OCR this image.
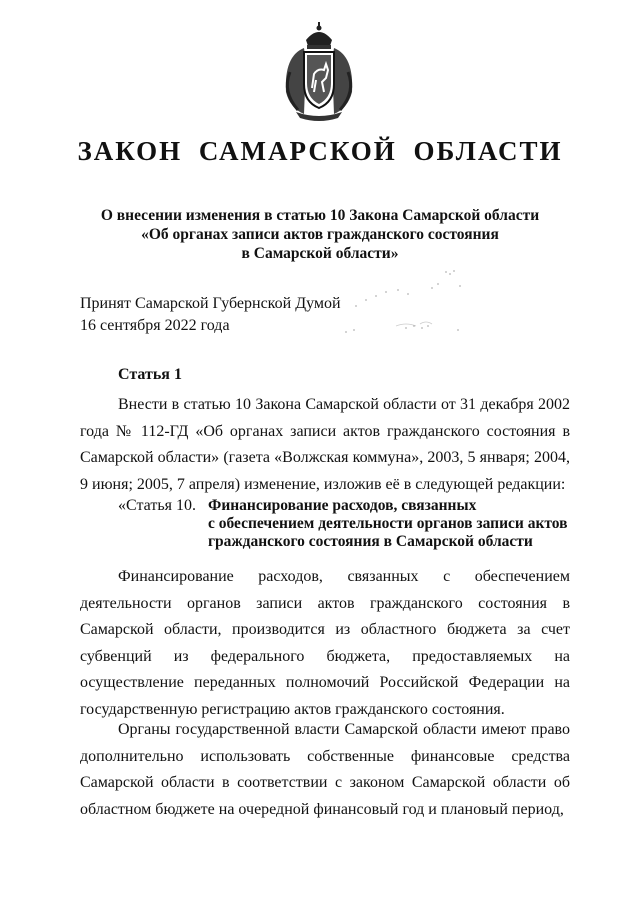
ЗАКОН САМАРСКОЙ ОБЛАСТИ
О внесении изменения в статью 10 Закона Самарской области
«Об органах записи актов гражданского состояния
в Самарской области»
Принят Самарской Губернской Думой
16 сентября 2022 года
Статья 1
Внести в статью 10 Закона Самарской области от 31 декабря 2002 года № 112-ГД «Об органах записи актов гражданского состояния в Самарской области» (газета «Волжская коммуна», 2003, 5 января; 2004, 9 июня; 2005, 7 апреля) изменение, изложив её в следующей редакции:
«Статья 10. Финансирование расходов, связанных
с обеспечением деятельности органов записи актов
гражданского состояния в Самарской области
Финансирование расходов, связанных с обеспечением деятельности органов записи актов гражданского состояния в Самарской области, производится из областного бюджета за счет субвенций из федерального бюджета, предоставляемых на осуществление переданных полномочий Российской Федерации на государственную регистрацию актов гражданского состояния.
Органы государственной власти Самарской области имеют право дополнительно использовать собственные финансовые средства Самарской области в соответствии с законом Самарской области об областном бюджете на очередной финансовый год и плановый период,
